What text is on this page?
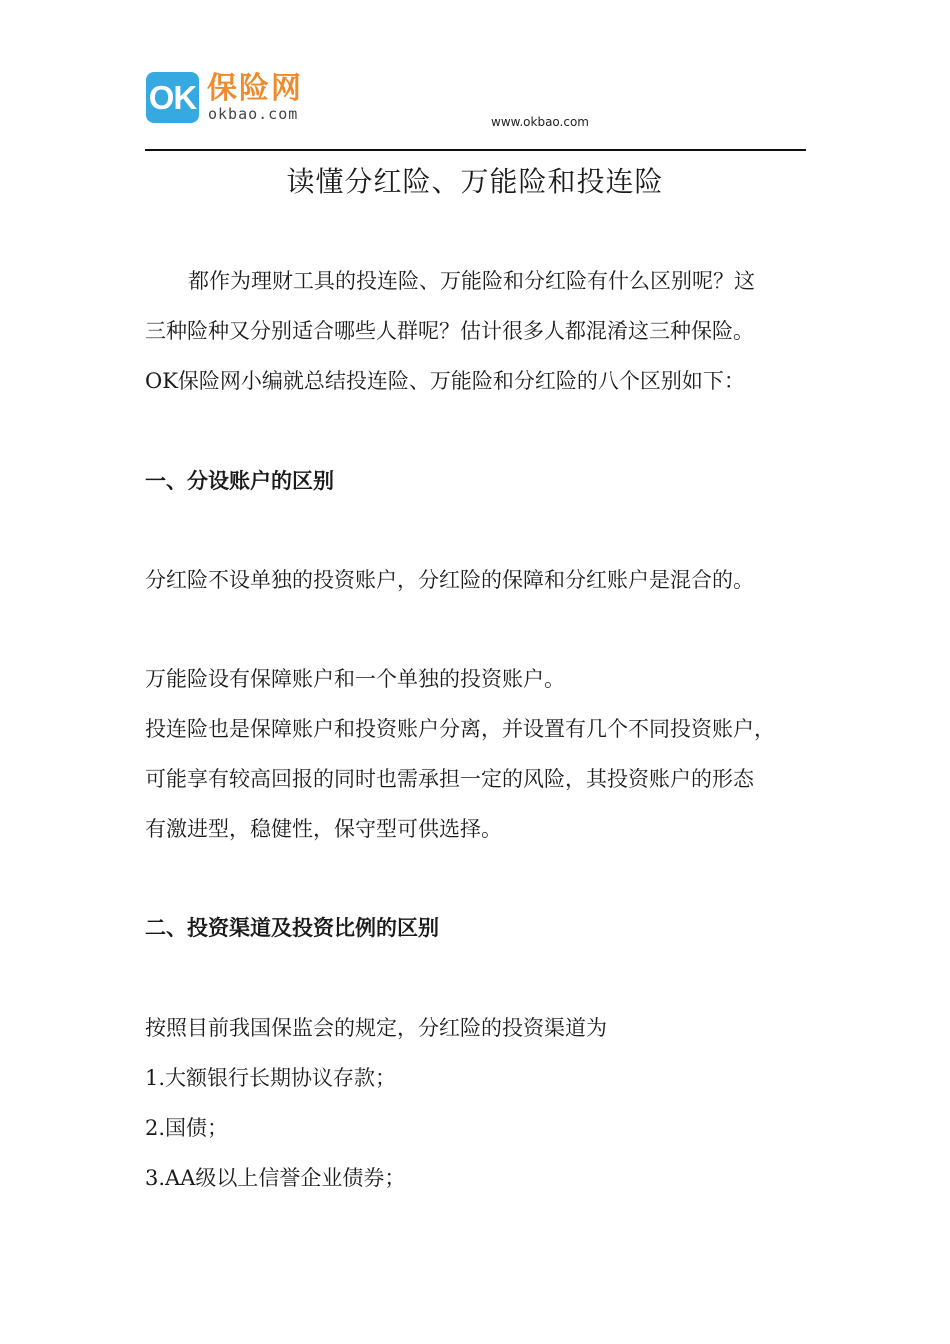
OK 保险网
okbao.com	www.okbao.com
读懂分红险、万能险和投连险
都作为理财工具的投连险、万能险和分红险有什么区别呢？这
三种险种又分别适合哪些人群呢？估计很多人都混淆这三种保险。
OK保险网小编就总结投连险、万能险和分红险的八个区别如下：
一、分设账户的区别
分红险不设单独的投资账户，分红险的保障和分红账户是混合的。
万能险设有保障账户和一个单独的投资账户。
投连险也是保障账户和投资账户分离，并设置有几个不同投资账户，
可能享有较高回报的同时也需承担一定的风险，其投资账户的形态
有激进型，稳健性，保守型可供选择。
二、投资渠道及投资比例的区别
按照目前我国保监会的规定，分红险的投资渠道为
1.大额银行长期协议存款；
2.国债；
3.AA级以上信誉企业债券；
